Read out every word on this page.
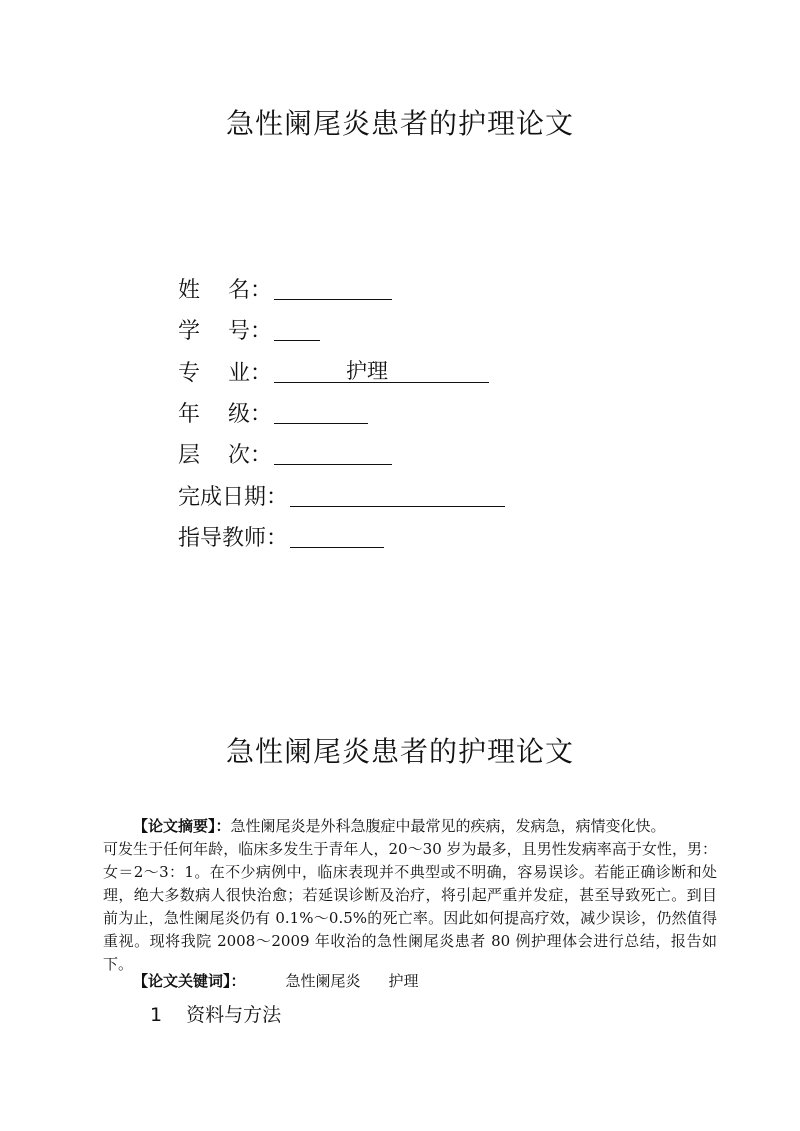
急性阑尾炎患者的护理论文
姓    名：
学    号：
专    业：	护理
年    级：
层    次：
完成日期：
指导教师：
急性阑尾炎患者的护理论文

【论文摘要】：急性阑尾炎是外科急腹症中最常见的疾病，发病急，病情变化快。

可发生于任何年龄，临床多发生于青年人，20～30 岁为最多，且男性发病率高于女性，男：女＝2～3：1。在不少病例中，临床表现并不典型或不明确，容易误诊。若能正确诊断和处理，绝大多数病人很快治愈；若延误诊断及治疗，将引起严重并发症，甚至导致死亡。到目前为止，急性阑尾炎仍有 0.1%～0.5%的死亡率。因此如何提高疗效，减少误诊，仍然值得重视。现将我院 2008～2009 年收治的急性阑尾炎患者 80 例护理体会进行总结，报告如下。

【论文关键词】：	急性阑尾炎 护理
1 资料与方法
